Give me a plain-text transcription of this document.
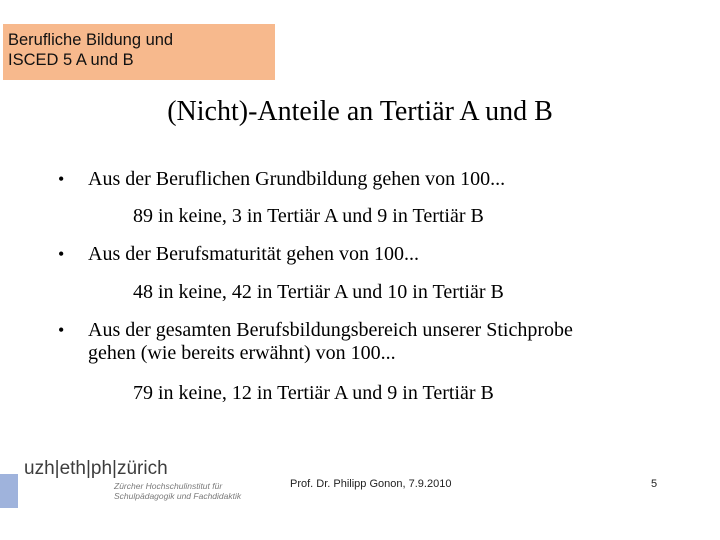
Berufliche Bildung und
ISCED 5 A und B
(Nicht)-Anteile an Tertiär A und B
• Aus der Beruflichen Grundbildung gehen von 100...
89 in keine, 3 in Tertiär A und 9 in Tertiär B
• Aus der Berufsmaturität gehen von 100...
48 in keine, 42 in Tertiär A und 10 in Tertiär B
• Aus der gesamten Berufsbildungsbereich unserer Stichprobe
gehen (wie bereits erwähnt) von 100...
79 in keine, 12 in Tertiär A und 9 in Tertiär B
uzh|eth|ph|zürich
Zürcher Hochschulinstitut für
Schulpädagogik und Fachdidaktik
Prof. Dr. Philipp Gonon, 7.9.2010	5
